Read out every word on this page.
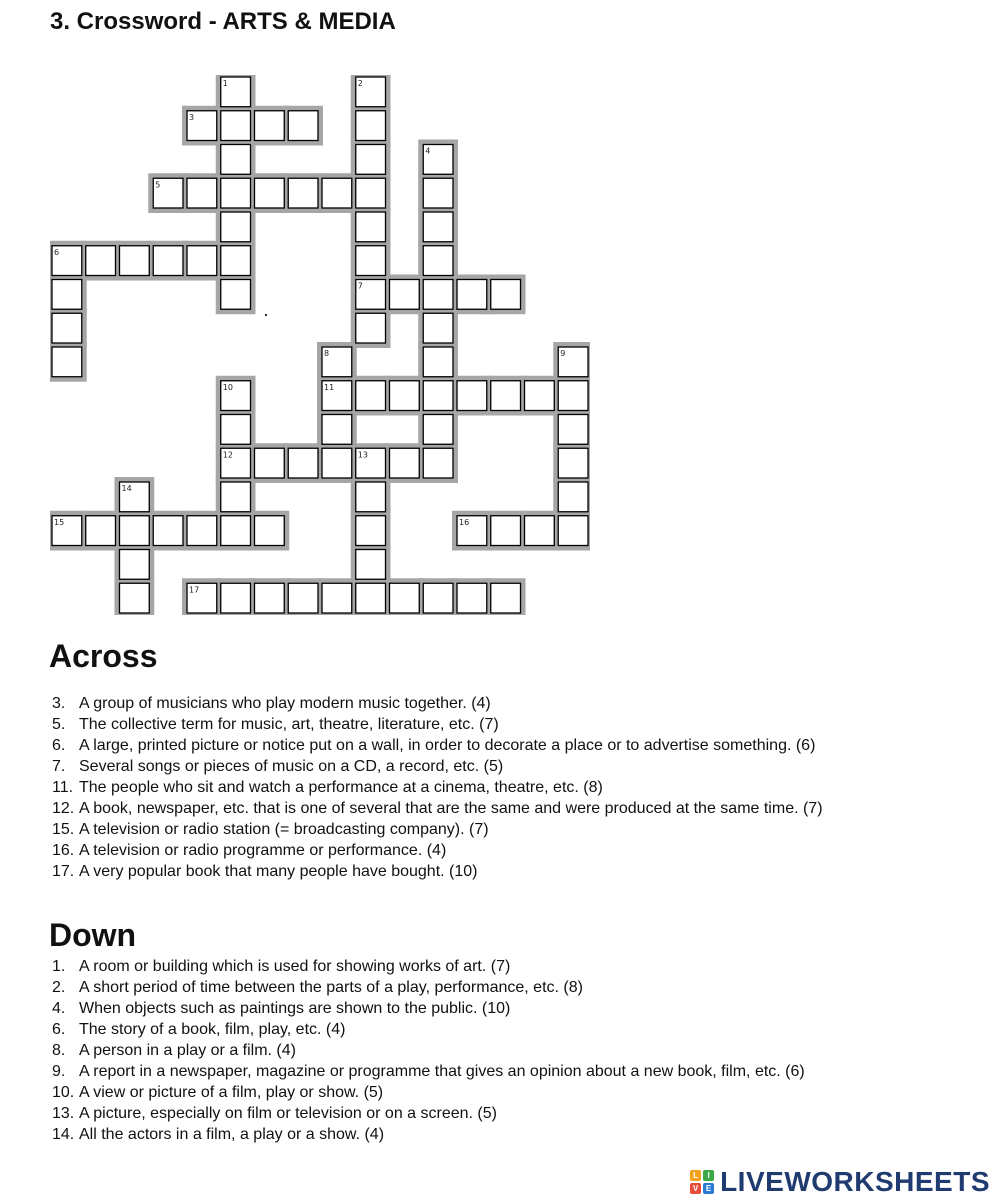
3. Crossword - ARTS & MEDIA
1	2
3
4
5
6
7
8	9
10	11
12	13
14
15	16
17
Across
3. A group of musicians who play modern music together. (4)
5. The collective term for music, art, theatre, literature, etc. (7)
6. A large, printed picture or notice put on a wall, in order to decorate a place or to advertise something. (6)
7. Several songs or pieces of music on a CD, a record, etc. (5)
11. The people who sit and watch a performance at a cinema, theatre, etc. (8)
12. A book, newspaper, etc. that is one of several that are the same and were produced at the same time. (7)
15. A television or radio station (= broadcasting company). (7)
16. A television or radio programme or performance. (4)
17. A very popular book that many people have bought. (10)
Down
1. A room or building which is used for showing works of art. (7)
2. A short period of time between the parts of a play, performance, etc. (8)
4. When objects such as paintings are shown to the public. (10)
6. The story of a book, film, play, etc. (4)
8. A person in a play or a film. (4)
9. A report in a newspaper, magazine or programme that gives an opinion about a new book, film, etc. (6)
10. A view or picture of a film, play or show. (5)
13. A picture, especially on film or television or on a screen. (5)
14. All the actors in a film, a play or a show. (4)
L	I
V E LIVEWORKSHEETS
